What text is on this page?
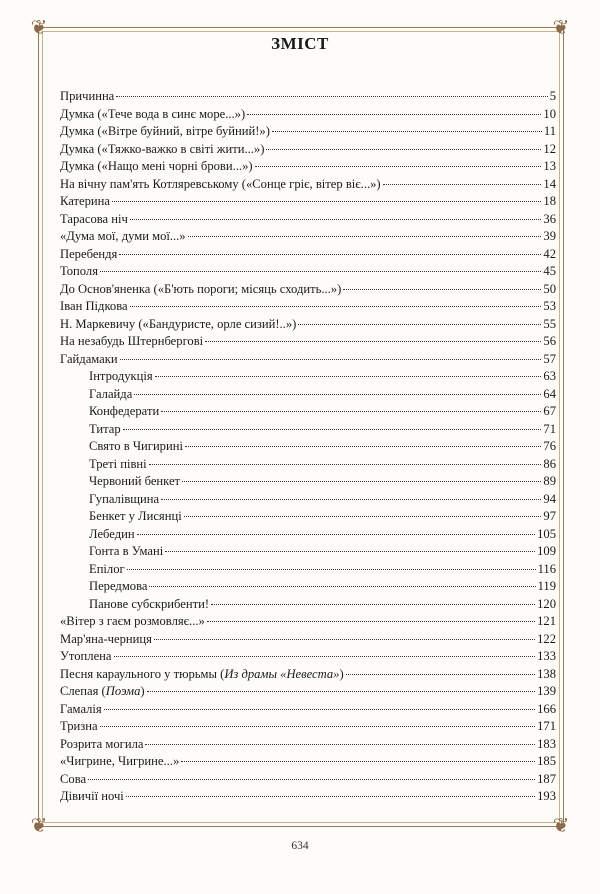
❦	❦
❦	❦
ЗМІСТ
Причинна	5
Думка («Тече вода в синє море...»)	10
Думка («Вітре буйний, вітре буйний!»)	11
Думка («Тяжко-важко в світі жити...»)	12
Думка («Нащо мені чорні брови...»)	13
На вічну пам'ять Котляревському («Сонце гріє, вітер віє...»)	14
Катерина	18
Тарасова ніч	36
«Дума мої, думи мої...»	39
Перебендя	42
Тополя	45
До Основ'яненка («Б'ють пороги; місяць сходить...»)	50
Іван Підкова	53
Н. Маркевичу («Бандуристе, орле сизий!..»)	55
На незабудь Штернбергові	56
Гайдамаки	57
Інтродукція	63
Галайда	64
Конфедерати	67
Титар	71
Свято в Чигирині	76
Треті півні	86
Червоний бенкет	89
Гупалівщина	94
Бенкет у Лисянці	97
Лебедин	105
Гонта в Умані	109
Епілог	116
Передмова	119
Панове субскрибенти!	120
«Вітер з гаєм розмовляє...»	121
Мар'яна-черниця	122
Утоплена	133
Песня караульного у тюрьмы (Из драмы «Невеста»)	138
Слепая (Поэма)	139
Гамалія	166
Тризна	171
Розрита могила	183
«Чигрине, Чигрине...»	185
Сова	187
Дівичії ночі	193
634
